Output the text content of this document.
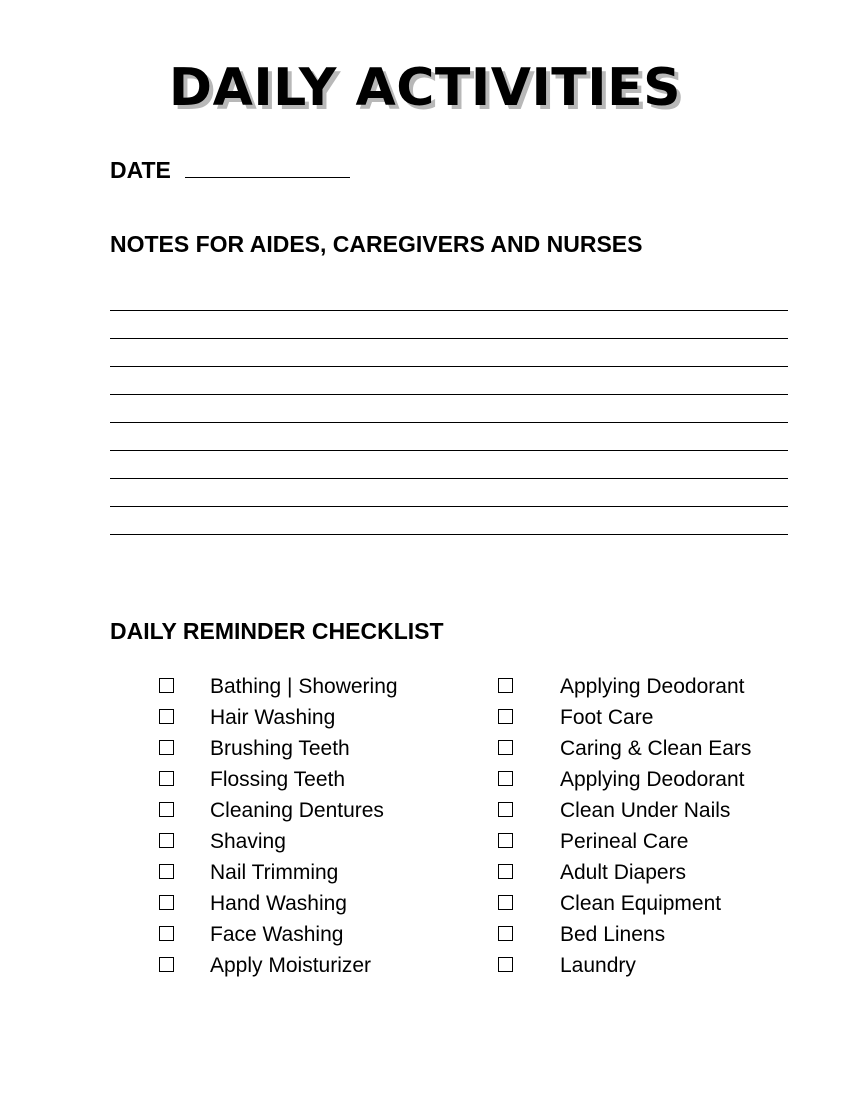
DAILY ACTIVITIES
DATE
NOTES FOR AIDES, CAREGIVERS AND NURSES
DAILY REMINDER CHECKLIST
Bathing | Showering
Hair Washing
Brushing Teeth
Flossing Teeth
Cleaning Dentures
Shaving
Nail Trimming
Hand Washing
Face Washing
Apply Moisturizer
Applying Deodorant
Foot Care
Caring & Clean Ears
Applying Deodorant
Clean Under Nails
Perineal Care
Adult Diapers
Clean Equipment
Bed Linens
Laundry
